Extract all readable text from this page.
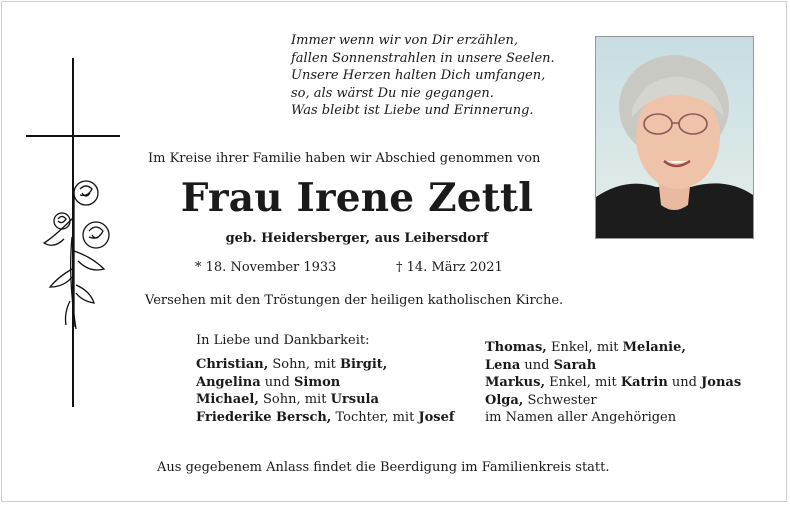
Immer wenn wir von Dir erzählen,
fallen Sonnenstrahlen in unsere Seelen.
Unsere Herzen halten Dich umfangen,
so, als wärst Du nie gegangen.
Was bleibt ist Liebe und Erinnerung.
Im Kreise ihrer Familie haben wir Abschied genommen von
Frau Irene Zettl
geb. Heidersberger, aus Leibersdorf
* 18. November 1933	† 14. März 2021
Versehen mit den Tröstungen der heiligen katholischen Kirche.
In Liebe und Dankbarkeit:
Christian, Sohn, mit Birgit,
Angelina und Simon
Michael, Sohn, mit Ursula
Friederike Bersch, Tochter, mit Josef
Thomas, Enkel, mit Melanie,
Lena und Sarah
Markus, Enkel, mit Katrin und Jonas
Olga, Schwester
im Namen aller Angehörigen
Aus gegebenem Anlass findet die Beerdigung im Familienkreis statt.
